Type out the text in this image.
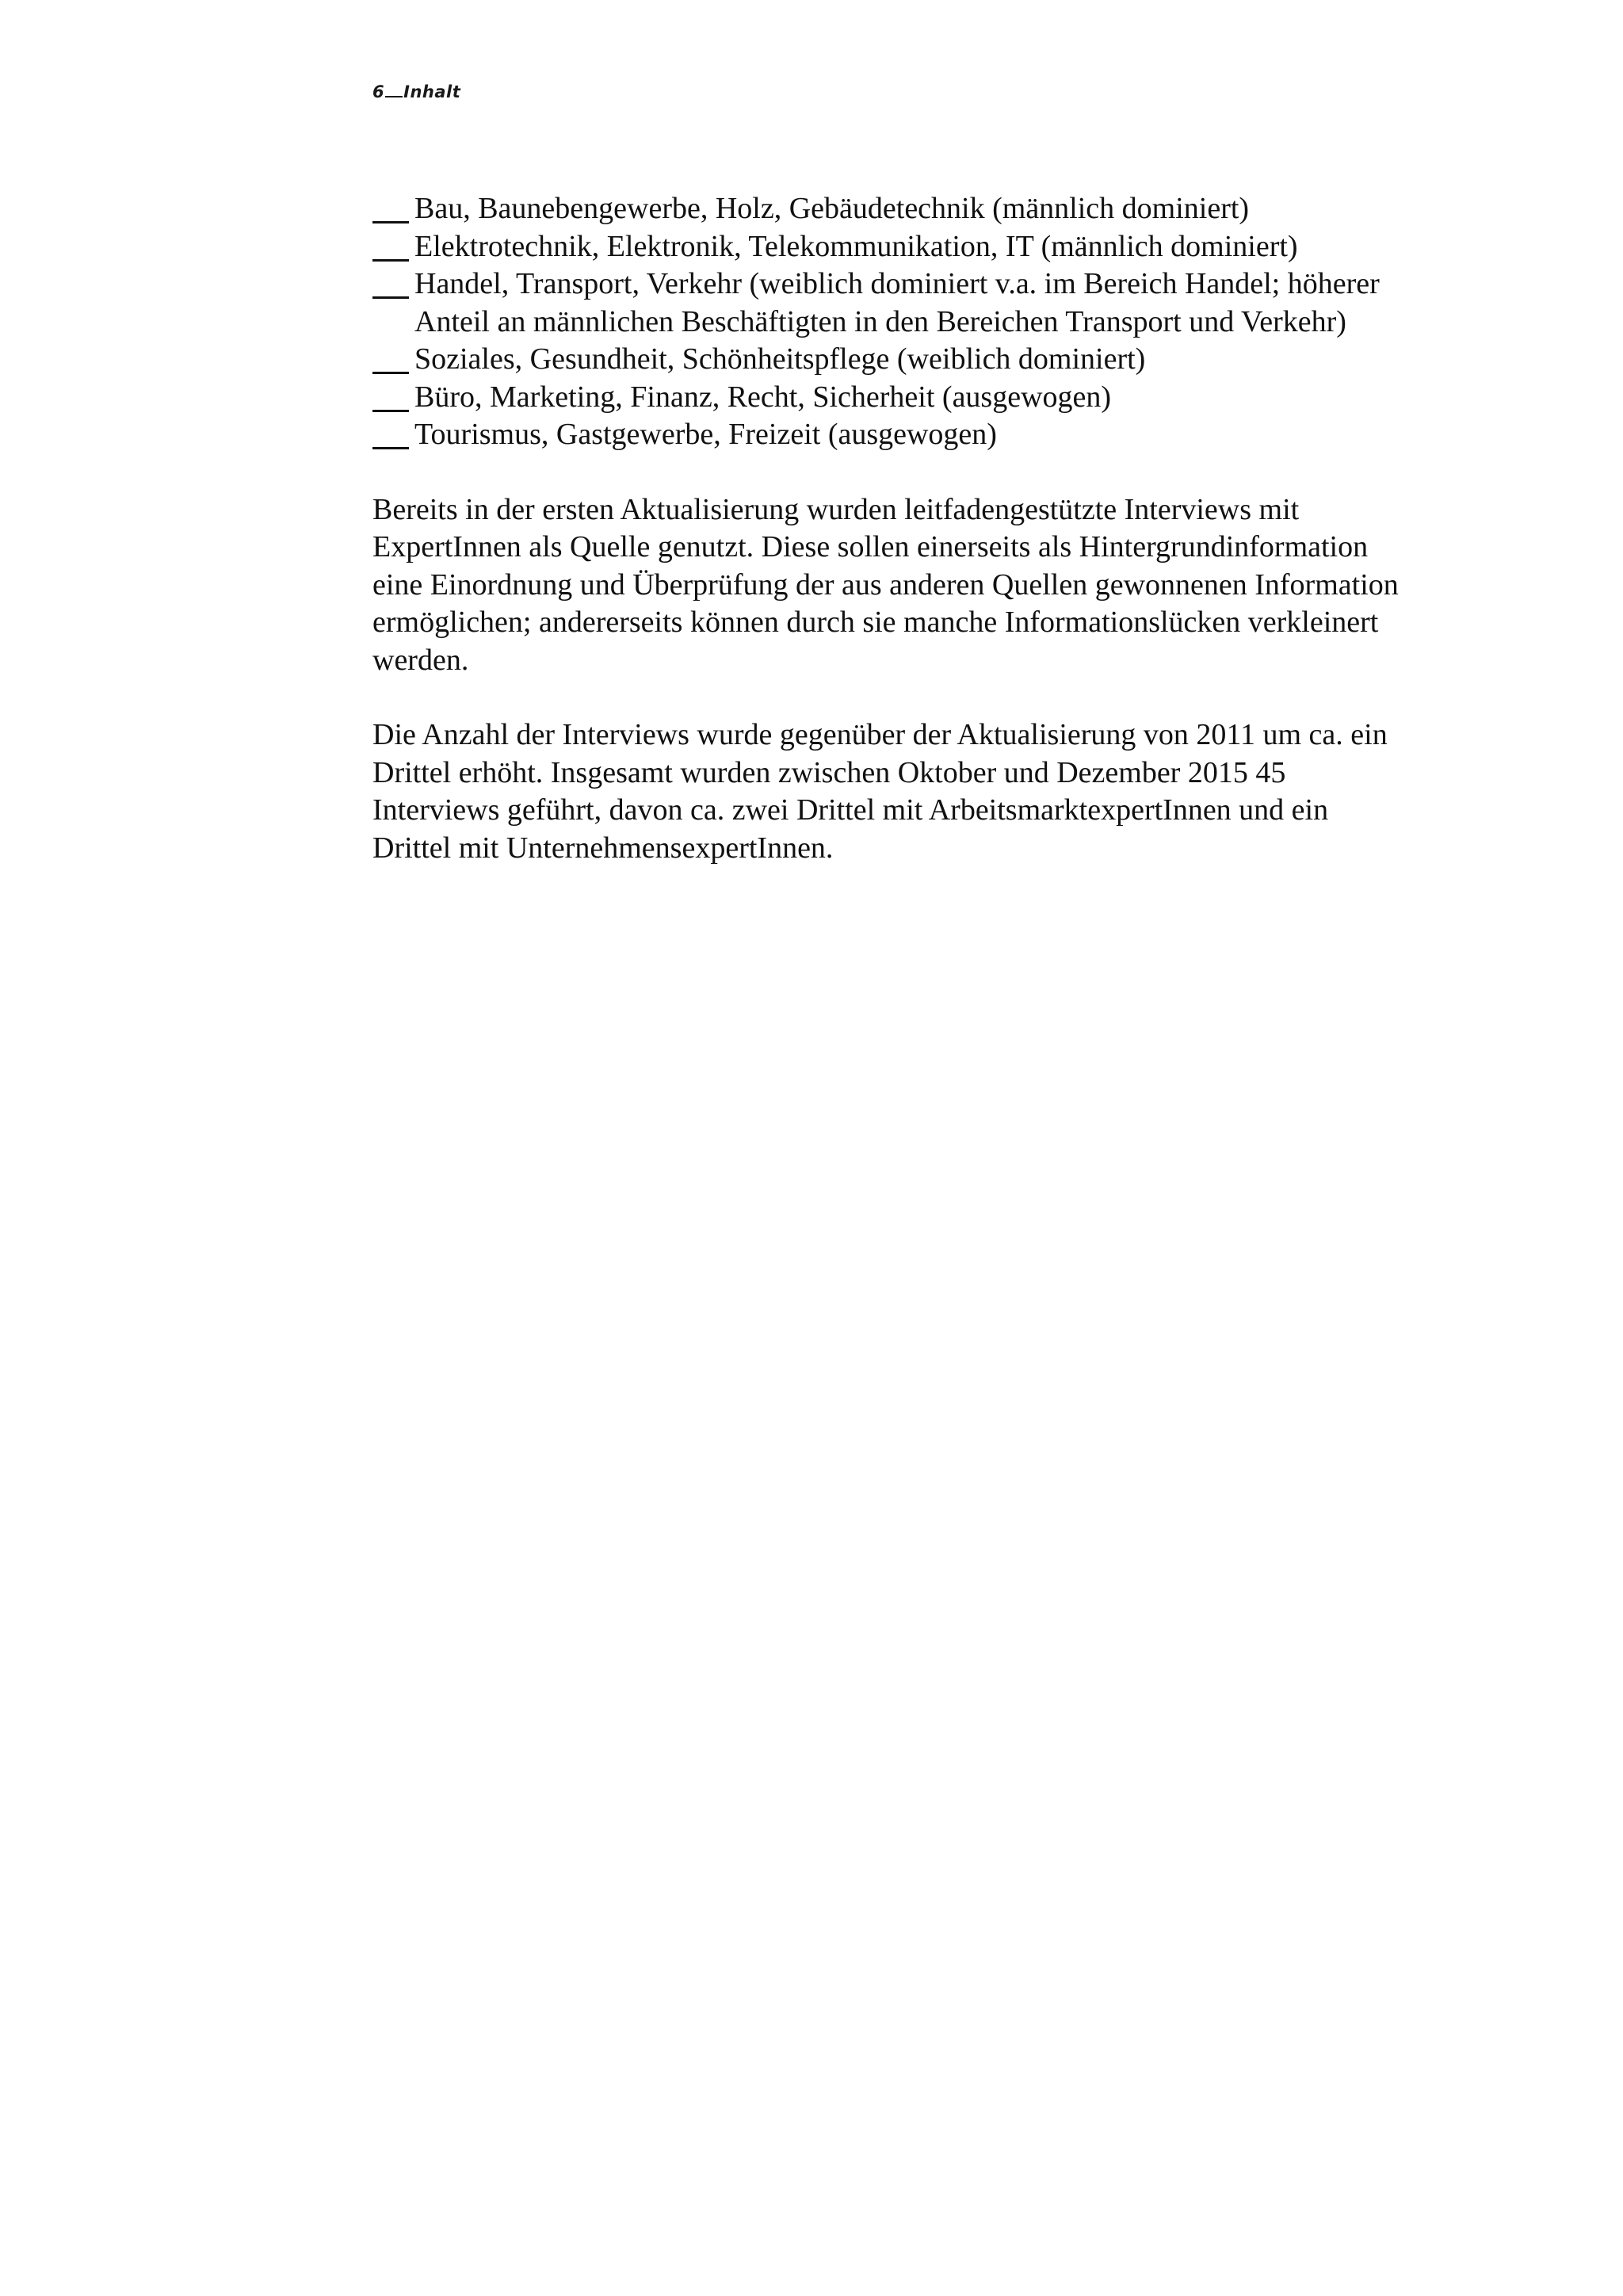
6 Inhalt
Bau, Baunebengewerbe, Holz, Gebäudetechnik (männlich dominiert)
Elektrotechnik, Elektronik, Telekommunikation, IT (männlich dominiert)
Handel, Transport, Verkehr (weiblich dominiert v.a. im Bereich Handel; höherer
Anteil an männlichen Beschäftigten in den Bereichen Transport und Verkehr)
Soziales, Gesundheit, Schönheitspflege (weiblich dominiert)
Büro, Marketing, Finanz, Recht, Sicherheit (ausgewogen)
Tourismus, Gastgewerbe, Freizeit (ausgewogen)

Bereits in der ersten Aktualisierung wurden leitfadengestützte Interviews mit
ExpertInnen als Quelle genutzt. Diese sollen einerseits als Hintergrundinformation
eine Einordnung und Überprüfung der aus anderen Quellen gewonnenen Information
ermöglichen; andererseits können durch sie manche Informationslücken verkleinert
werden.

Die Anzahl der Interviews wurde gegenüber der Aktualisierung von 2011 um ca. ein
Drittel erhöht. Insgesamt wurden zwischen Oktober und Dezember 2015 45
Interviews geführt, davon ca. zwei Drittel mit ArbeitsmarktexpertInnen und ein
Drittel mit UnternehmensexpertInnen.
